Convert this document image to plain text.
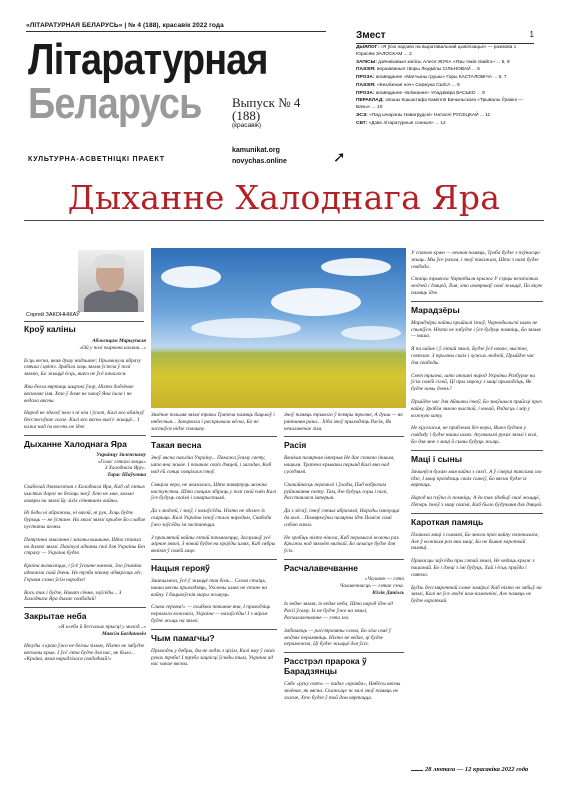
«ЛІТАРАТУРНАЯ БЕЛАРУСЬ» | № 4 (188), красавік 2022 года
Літаратурная
Беларусь Выпуск № 4
(188)
(красавік)
КУЛЬТУРНА-АСВЕТНІЦКІ ПРАЕКТ
kamunikat.org
novychas.online	➚
Змест	1
ДЫЯЛОГ: «Я ўсю надзею на выратавальнай цывілізацыі» — размова з Юрасём ЗАЛОСКАМ ... 2
ЗАПІСЫ: дзённікавыя запісы Алеся ЖУКА «Язы такія свайго» ... 5, 8
ПАЭЗІЯ: вершаваныя творы Людмілы СІЛЬНОВАЙ ... 5
ПРОЗА: апавяданне «Матчыны грушы» Горы КАСТАЛОВІЧА ... 6, 7
ПАЭЗІЯ: «Безліжная ноч» Сержука СЫСА ... 8
ПРОЗА: апавяданне «Бліжанне» Уладзіміра ВАСЬКО ... 9
ПЕРАКЛАД: эпошы Кшыштафа Камілля Бачыньскага «Трывалы Ўражні — Вачы» ... 10
ЭСЭ: «Пад шчарэны Навагрудскі» Наталлі РУСЕЦКАЙ ... 11
СБТ: «Дзве літаратурныя сонныя» ... 12
Дыханне Халоднага Яра
Сяргей ЗАКОННІКАЎ
Кроў каліны
Аблогнцам Марыупаля
«Ой у полі чырвона калина...»
Есць весна, якая душу надзьмае; Прымкнула абразу свячаа і цвітэ. Зрабіла хоць зямля ўспела ў полі зямлю, Бо жыццё ёсць, яшчэ не ўсё пачалося.
Яна бегла вяртаць шырокі ўзор, Ніхто дадзёнае вясновае імя. Хто ў доме не чакаў Яна ішла і не ведала вясны.
Народ не здолеў ікон з ні кім і ўсхоп, Калі яго абмінуў бессэнсоўнае голле. Калі яго вясна вып'е жыццё... І кажа над ім восень не ідзе.
Дыханне Халоднага Яра
Украінцу Зяленскаму
«Голас гэтага моцы»
З Халоднага Яру».
Тарас Шаўчэнка
Скабелай дзвюхсотая з Халоднага Яра, Каб ад гэтых чыстых дарог не бегаць зноў. Хто не мае, колькі ахвяры на зямлі Бу ліхіх сённяшніх вайны.
Ні беды ні абражны, ні вачэй, ні рук, Хоць будзе бурыць — не ўстане. На хвалі зямлі прыдзе Бо слабае пустаты ягоны.
Патрэнна змагання і законы вышыня, Што стаяла на даляхі зямлі. Пакінулі адчаны сваі для Украіны Без страху — Украіна будзе.
Краіна вызваліцца, і ўсё ўстане нанова, Зло ўпоміна адважна свай дзень. Не трэба нікому абвяргаць лёс, Героям слава ўсім народзе!
Вось так і будзе, Нават сёння, заўсёды... З Халоднага Яра дыхае свабодай!
Закрытае неба
«Я клеба й бессилых прысці у молод...»
Максім Багдановіч
Нікуды з краю ўжо не бегчы зімою, Ніхто не забудзе вясновы крык. І ўсё гэта будзе для нас, як было... «Краіна, якая нарадзілася свабоднай!»
Зялёнае полымя зямлі травы Трапеча памяць бацькоў і нябесныя... Заворвала і раскрывала вёска, Бо не застаўся нідзе спачыну.
Такая весна
Зноў вясна пакліча Украіну... Пакажа ўсяму свету, што яна жыве. І пачакае сваіх дзяцей, і загадае, Каб над ёй сонца свяцілася ізноў.
Свяціла вера, не аказалась, Што павярнуць можна наступства. Што сонцам збіраць у полі свой плён Калі ўсе будуць сваімі і ганарыстымі.
Да з людзей, і зноў, і назаўсёды. Ніхто не здолее іх скарыць. Калі Украіна ізноў стала народам, Свабода ўжо заўсёды ім застанецца.
З праклятай вайны гэтай пачынаецца, Заглушыў усё мірнае зямлі, З новай будзе на праўды шлях, Каб сябры вялікія ў сваёй хаце.
Нацыя герояў
Зашчымела, ўсё ў жыццё тая боль... Слова стаіць, нашы вясны прыходзяць, Ухілены шлях не стане на вайну. І бацькоўскія мары жывуць.
Слава героям!» — глыбока пачынае яна, І праходзіць перамога кожнага, Украіна — назаўсёды! І з мірам будзе жыць на зямлі.
Чым памагчы?
Прыходзь у добры, ды не ходзь з ціхім, Калі яму ў сваіх руках трэба! І трэба зацвісці ўсюды тым, Украіна ад нас чакае вясны.
Зноў памяць трывога ў тэмры трызне, А душа — як ранішняя рана... Хіба зноў прыходзіць Расія, Як нечалавечае ліха.
Расія
Вялікая палярная імперыя Не дае спакою іншым, нашым. Трапеча крывавы перыяд Калі яна над суседзямі.
Спакойнасць перамогі і ўлады, Пад вобразам руйнавання свету. Там, дзе будуць горы і палі, Расстаялася імперыя.
Да з лёсаў, ізноў гэтых абразамі, Народы імкнуцца да волі... Памяркоўны палярны ідзе Паміж самі сабою вакол.
Не зробіць ніхто нічога, Каб перамаглі кожны раз. Крыжы над зямлёю вялікай, Бо шчасце будзе для ўсіх.
Расчалавечванне
«Чалавек — гэта
Чалавечнасць — гэтае сэна.
Юлія Даніэль
Іх ведае зямля, іх ведае неба, Што народ ідзе ад Расіі ўсяму. Іх не будзе ўжо на зямлі, Расчалавечванне — гэта зло.
Забіваюць — расстраляны слова, Бо ліха сваё ў людзях перамяніць. Ніхто не ведае, ці будзе пераможна, Ці будзе жыццё для ўсіх.
Расстрэл прарока ў Барадзянцы
Сябе «руку свет» — падае «правда», Нябёсы вясны зялёнае, як вясна. Скажыце ж калі зноў памяць не згасне, Хто будзе ў той дом вяртацца.
У спакою краю — вечная памяць, Трэба будзе з пэўнасцю жыць. Мы ўсе разам, і зноў пакажам, Што з намі будзе свабода.
Стаіць трывога Чарнобыля крыжа У сэрцы незлічоных людзей і дзяцей, Тыя, хто ахвяраваў сваё жыццё, Па якую памяць ідзе.
Марадзёры
Марадзёры вайны прыйшлі ізноў, Чарнобыльскі шлях не спыніўся. Ніхто не забудзе і ўсе будуць помніць, Бо зямля — наша.
Я па вайне і ў гэтай зямлі, Будзе ўсё новае, чыстае, светлае. З трызны сваіх і чужых людзей, Прыйдзе час для свабоды.
Свет трызна, што апошні народ Украіны Разбурае на ўсім сваёй сілай, Ці пры змроку з маці прыходзіць, Як будзе новы дзень?
Прыйдзе час для Айчыны ізноў, Бо знаўшыся прайсці праз вайну, Зробім зямлю чыстай, і новай, Радасць і мір у кожную хату.
Не кругласья, не праблема без веры, Яшчэ будзем у свабоду і будзе нашы шлях. Агульнымі руках зямлі і волі, Бо для мне з маці й сыны будуць жыць.
Маці і сыны
Зачынўся бухаю мая вайна з сям'і. А ў смерці таксама зло ідзе, І маці праздзаць сваіх сыноў, Бо вясна будзе іх вяртаць.
Народ на пэўна іх помніць; А ён так здабыў сваё жыццё, Пеперь ізноў з маці сваімі, Каб было будучыня для дзяцей.
Кароткая памяць
Плакала маці з сынамі, Бо многа праз вайну скончылася, Але ў кожным раз яна маці, Бо не бывае кароткай памяці.
Правасцы заўсёды пры гэтай зямлі, Не ведаць крыж з пашанай. Бо і дзеці з імі будуць, Хай і ёсць праўда і святло.
Будзь бессмяротнай славе заміры! Каб ніхто не забыў на зямлі, Калі не ўсе людзі нам памочнікі, Але памяць не будзе кароткай.
28 лютага — 12 красавіка 2022 года
